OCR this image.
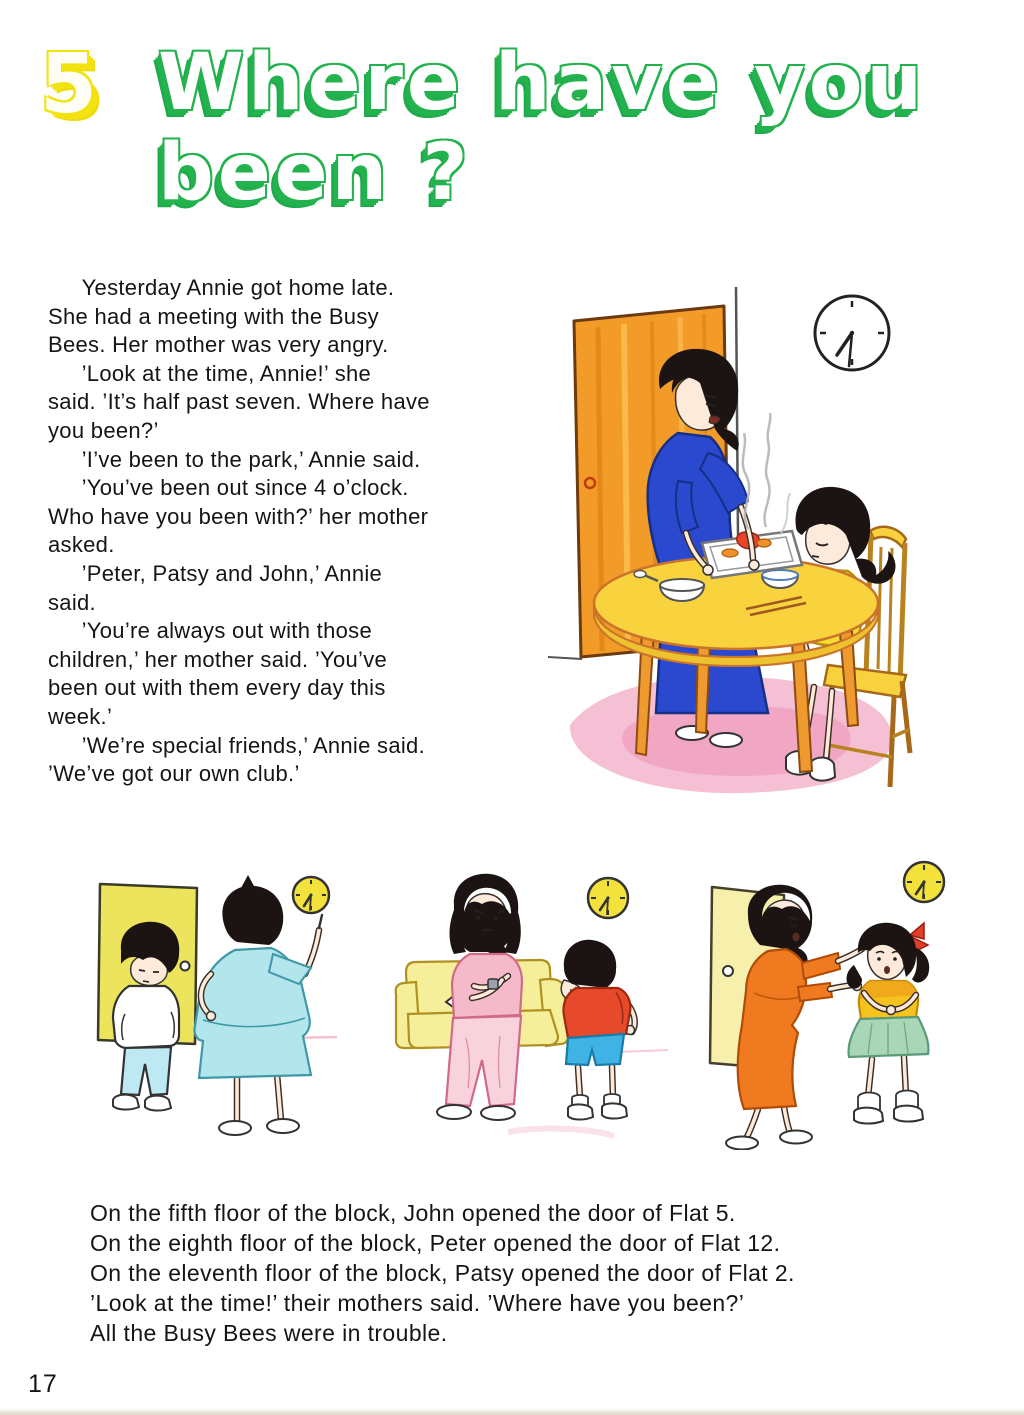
5 Where have you
been ?
  Yesterday Annie got home late.
She had a meeting with the Busy
Bees. Her mother was very angry.
  ’Look at the time, Annie!’ she
said. ’It’s half past seven. Where have
you been?’
  ’I’ve been to the park,’ Annie said.
  ’You’ve been out since 4 o’clock.
Who have you been with?’ her mother
asked.
  ’Peter, Patsy and John,’ Annie
said.
  ’You’re always out with those
children,’ her mother said. ’You’ve
been out with them every day this
week.’
  ’We’re special friends,’ Annie said.
’We’ve got our own club.’
On the fifth floor of the block, John opened the door of Flat 5.
On the eighth floor of the block, Peter opened the door of Flat 12.
On the eleventh floor of the block, Patsy opened the door of Flat 2.
’Look at the time!’ their mothers said. ’Where have you been?’
All the Busy Bees were in trouble.
17
